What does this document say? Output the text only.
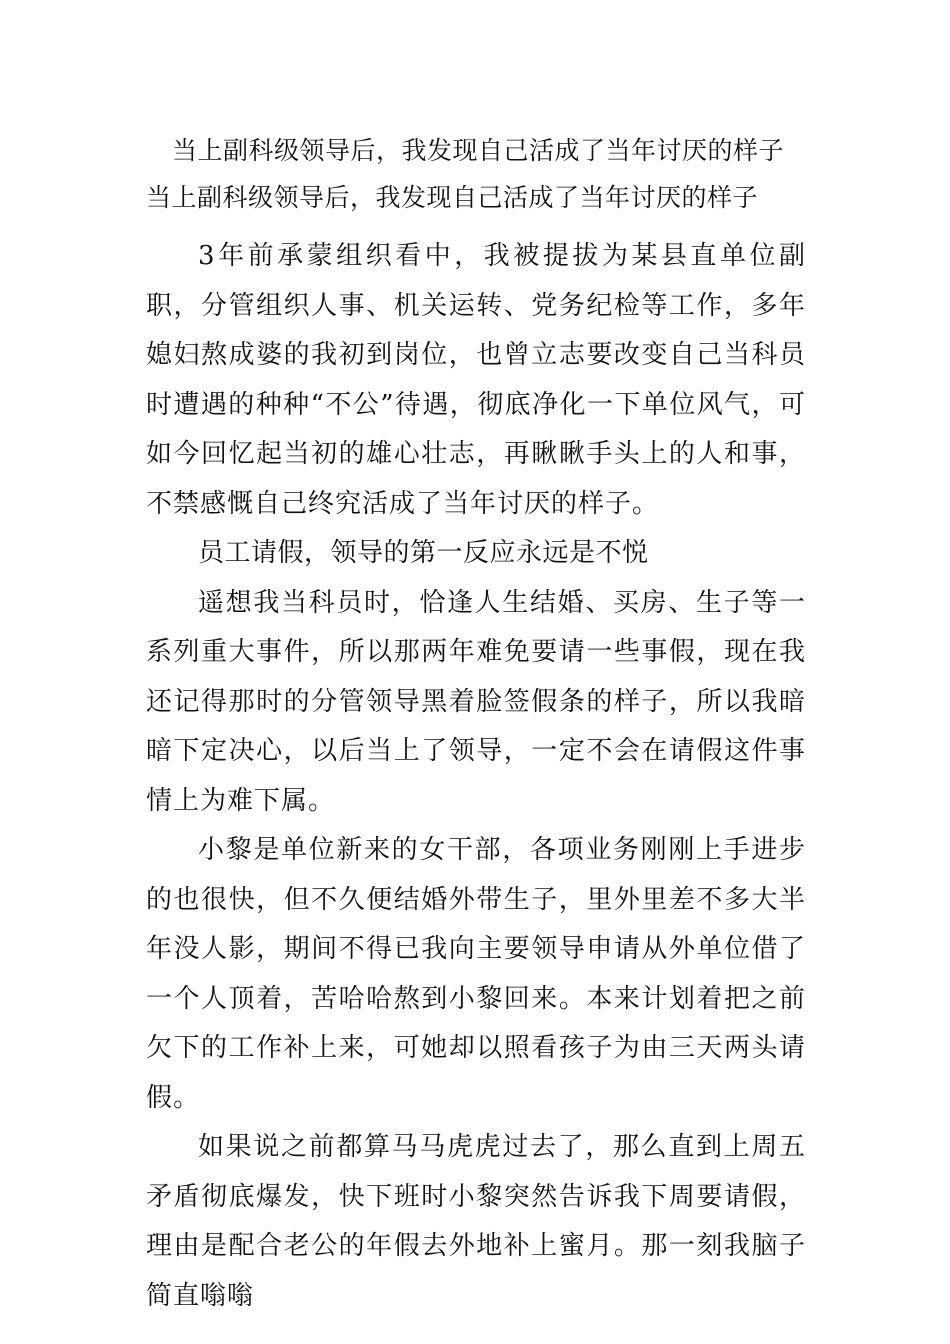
当上副科级领导后，我发现自己活成了当年讨厌的样子
当上副科级领导后，我发现自己活成了当年讨厌的样子

3年前承蒙组织看中，我被提拔为某县直单位副职，分管组织人事、机关运转、党务纪检等工作，多年媳妇熬成婆的我初到岗位，也曾立志要改变自己当科员时遭遇的种种“不公”待遇，彻底净化一下单位风气，可如今回忆起当初的雄心壮志，再瞅瞅手头上的人和事，不禁感慨自己终究活成了当年讨厌的样子。

员工请假，领导的第一反应永远是不悦

遥想我当科员时，恰逢人生结婚、买房、生子等一系列重大事件，所以那两年难免要请一些事假，现在我还记得那时的分管领导黑着脸签假条的样子，所以我暗暗下定决心，以后当上了领导，一定不会在请假这件事情上为难下属。

小黎是单位新来的女干部，各项业务刚刚上手进步的也很快，但不久便结婚外带生子，里外里差不多大半年没人影，期间不得已我向主要领导申请从外单位借了一个人顶着，苦哈哈熬到小黎回来。本来计划着把之前欠下的工作补上来，可她却以照看孩子为由三天两头请假。

如果说之前都算马马虎虎过去了，那么直到上周五矛盾彻底爆发，快下班时小黎突然告诉我下周要请假，理由是配合老公的年假去外地补上蜜月。那一刻我脑子简直嗡嗡
